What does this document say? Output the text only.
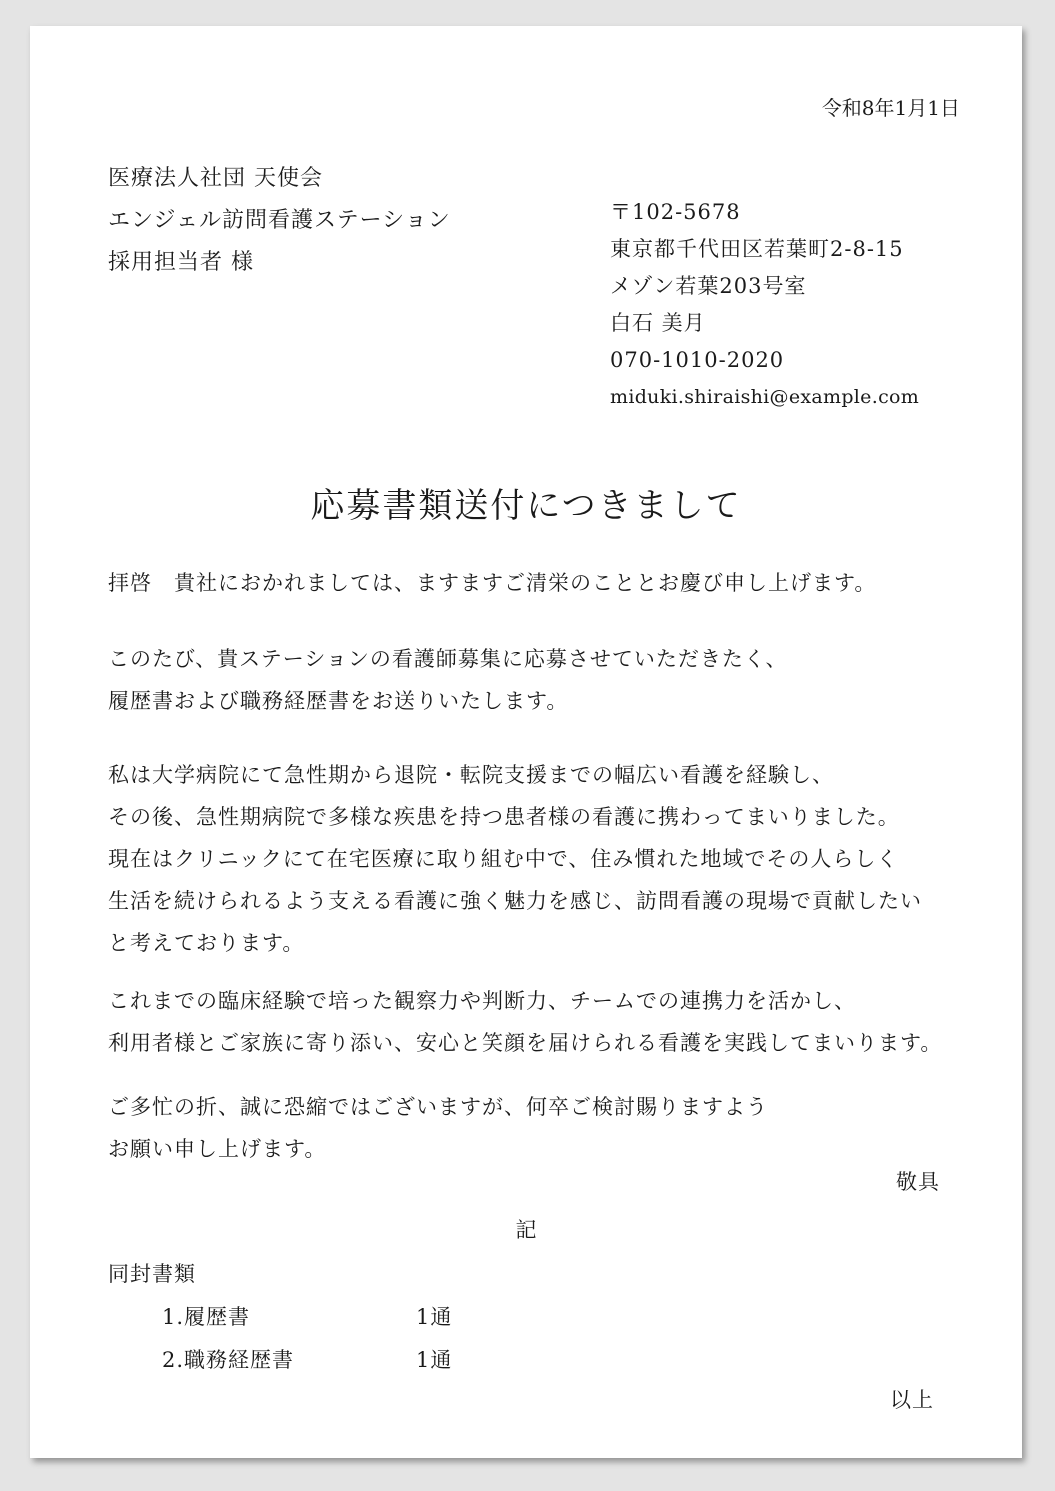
令和8年1月1日
医療法人社団 天使会
エンジェル訪問看護ステーション
採用担当者 様
〒102-5678
東京都千代田区若葉町2-8-15
メゾン若葉203号室
白石 美月
070-1010-2020
miduki.shiraishi@example.com
応募書類送付につきまして
拝啓　貴社におかれましては、ますますご清栄のこととお慶び申し上げます。
このたび、貴ステーションの看護師募集に応募させていただきたく、
履歴書および職務経歴書をお送りいたします。
私は大学病院にて急性期から退院・転院支援までの幅広い看護を経験し、
その後、急性期病院で多様な疾患を持つ患者様の看護に携わってまいりました。
現在はクリニックにて在宅医療に取り組む中で、住み慣れた地域でその人らしく
生活を続けられるよう支える看護に強く魅力を感じ、訪問看護の現場で貢献したい
と考えております。
これまでの臨床経験で培った観察力や判断力、チームでの連携力を活かし、
利用者様とご家族に寄り添い、安心と笑顔を届けられる看護を実践してまいります。
ご多忙の折、誠に恐縮ではございますが、何卒ご検討賜りますよう
お願い申し上げます。
敬具
記
同封書類
1.履歴書	1通
2.職務経歴書	1通
以上
